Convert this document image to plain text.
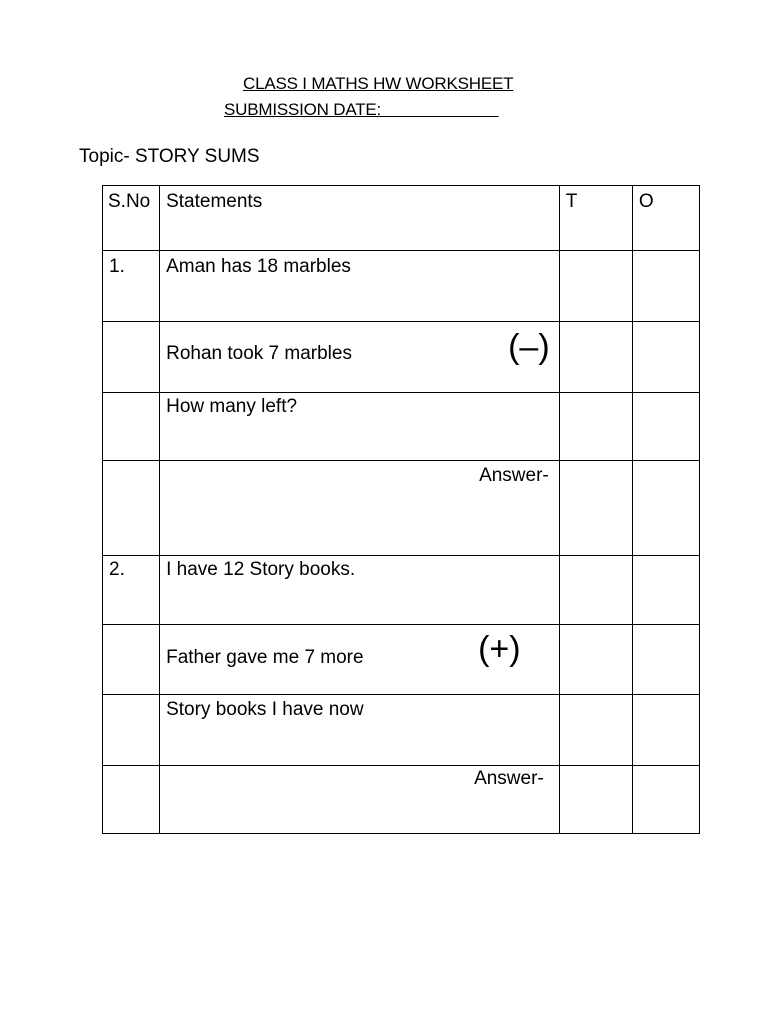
CLASS I MATHS HW WORKSHEET
SUBMISSION DATE:
Topic- STORY SUMS
S.No	Statements	T	O

1.	Aman has 18 marbles		

	Rohan took 7 marbles (–)		

	How many left?		

	Answer-		

2.	I have 12 Story books.		

	Father gave me 7 more (+)		

	Story books I have now		

	Answer-		
